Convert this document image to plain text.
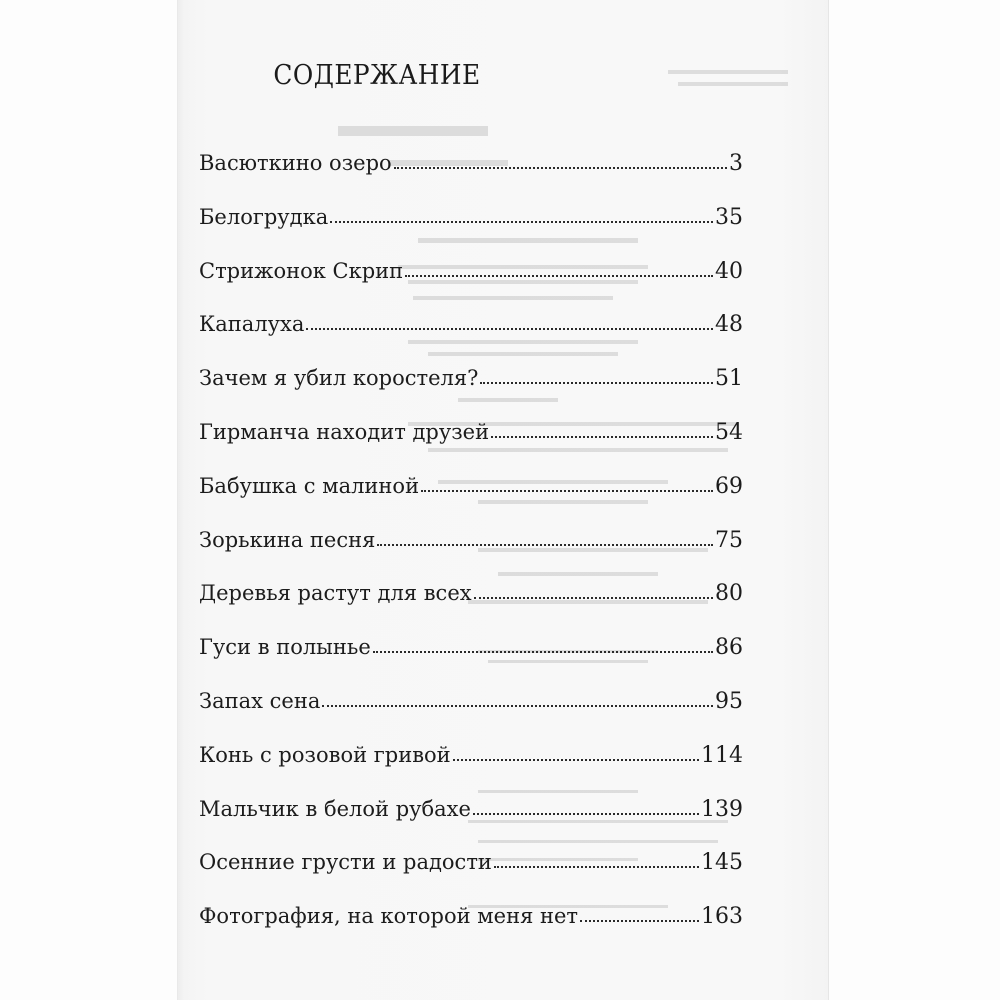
СОДЕРЖАНИЕ
Васюткино озеро	3
Белогрудка	35
Стрижонок Скрип	40
Капалуха	48
Зачем я убил коростеля?	51
Гирманча находит друзей	54
Бабушка с малиной	69
Зорькина песня	75
Деревья растут для всех	80
Гуси в полынье	86
Запах сена	95
Конь с розовой гривой	114
Мальчик в белой рубахе	139
Осенние грусти и радости	145
Фотография, на которой меня нет	163
